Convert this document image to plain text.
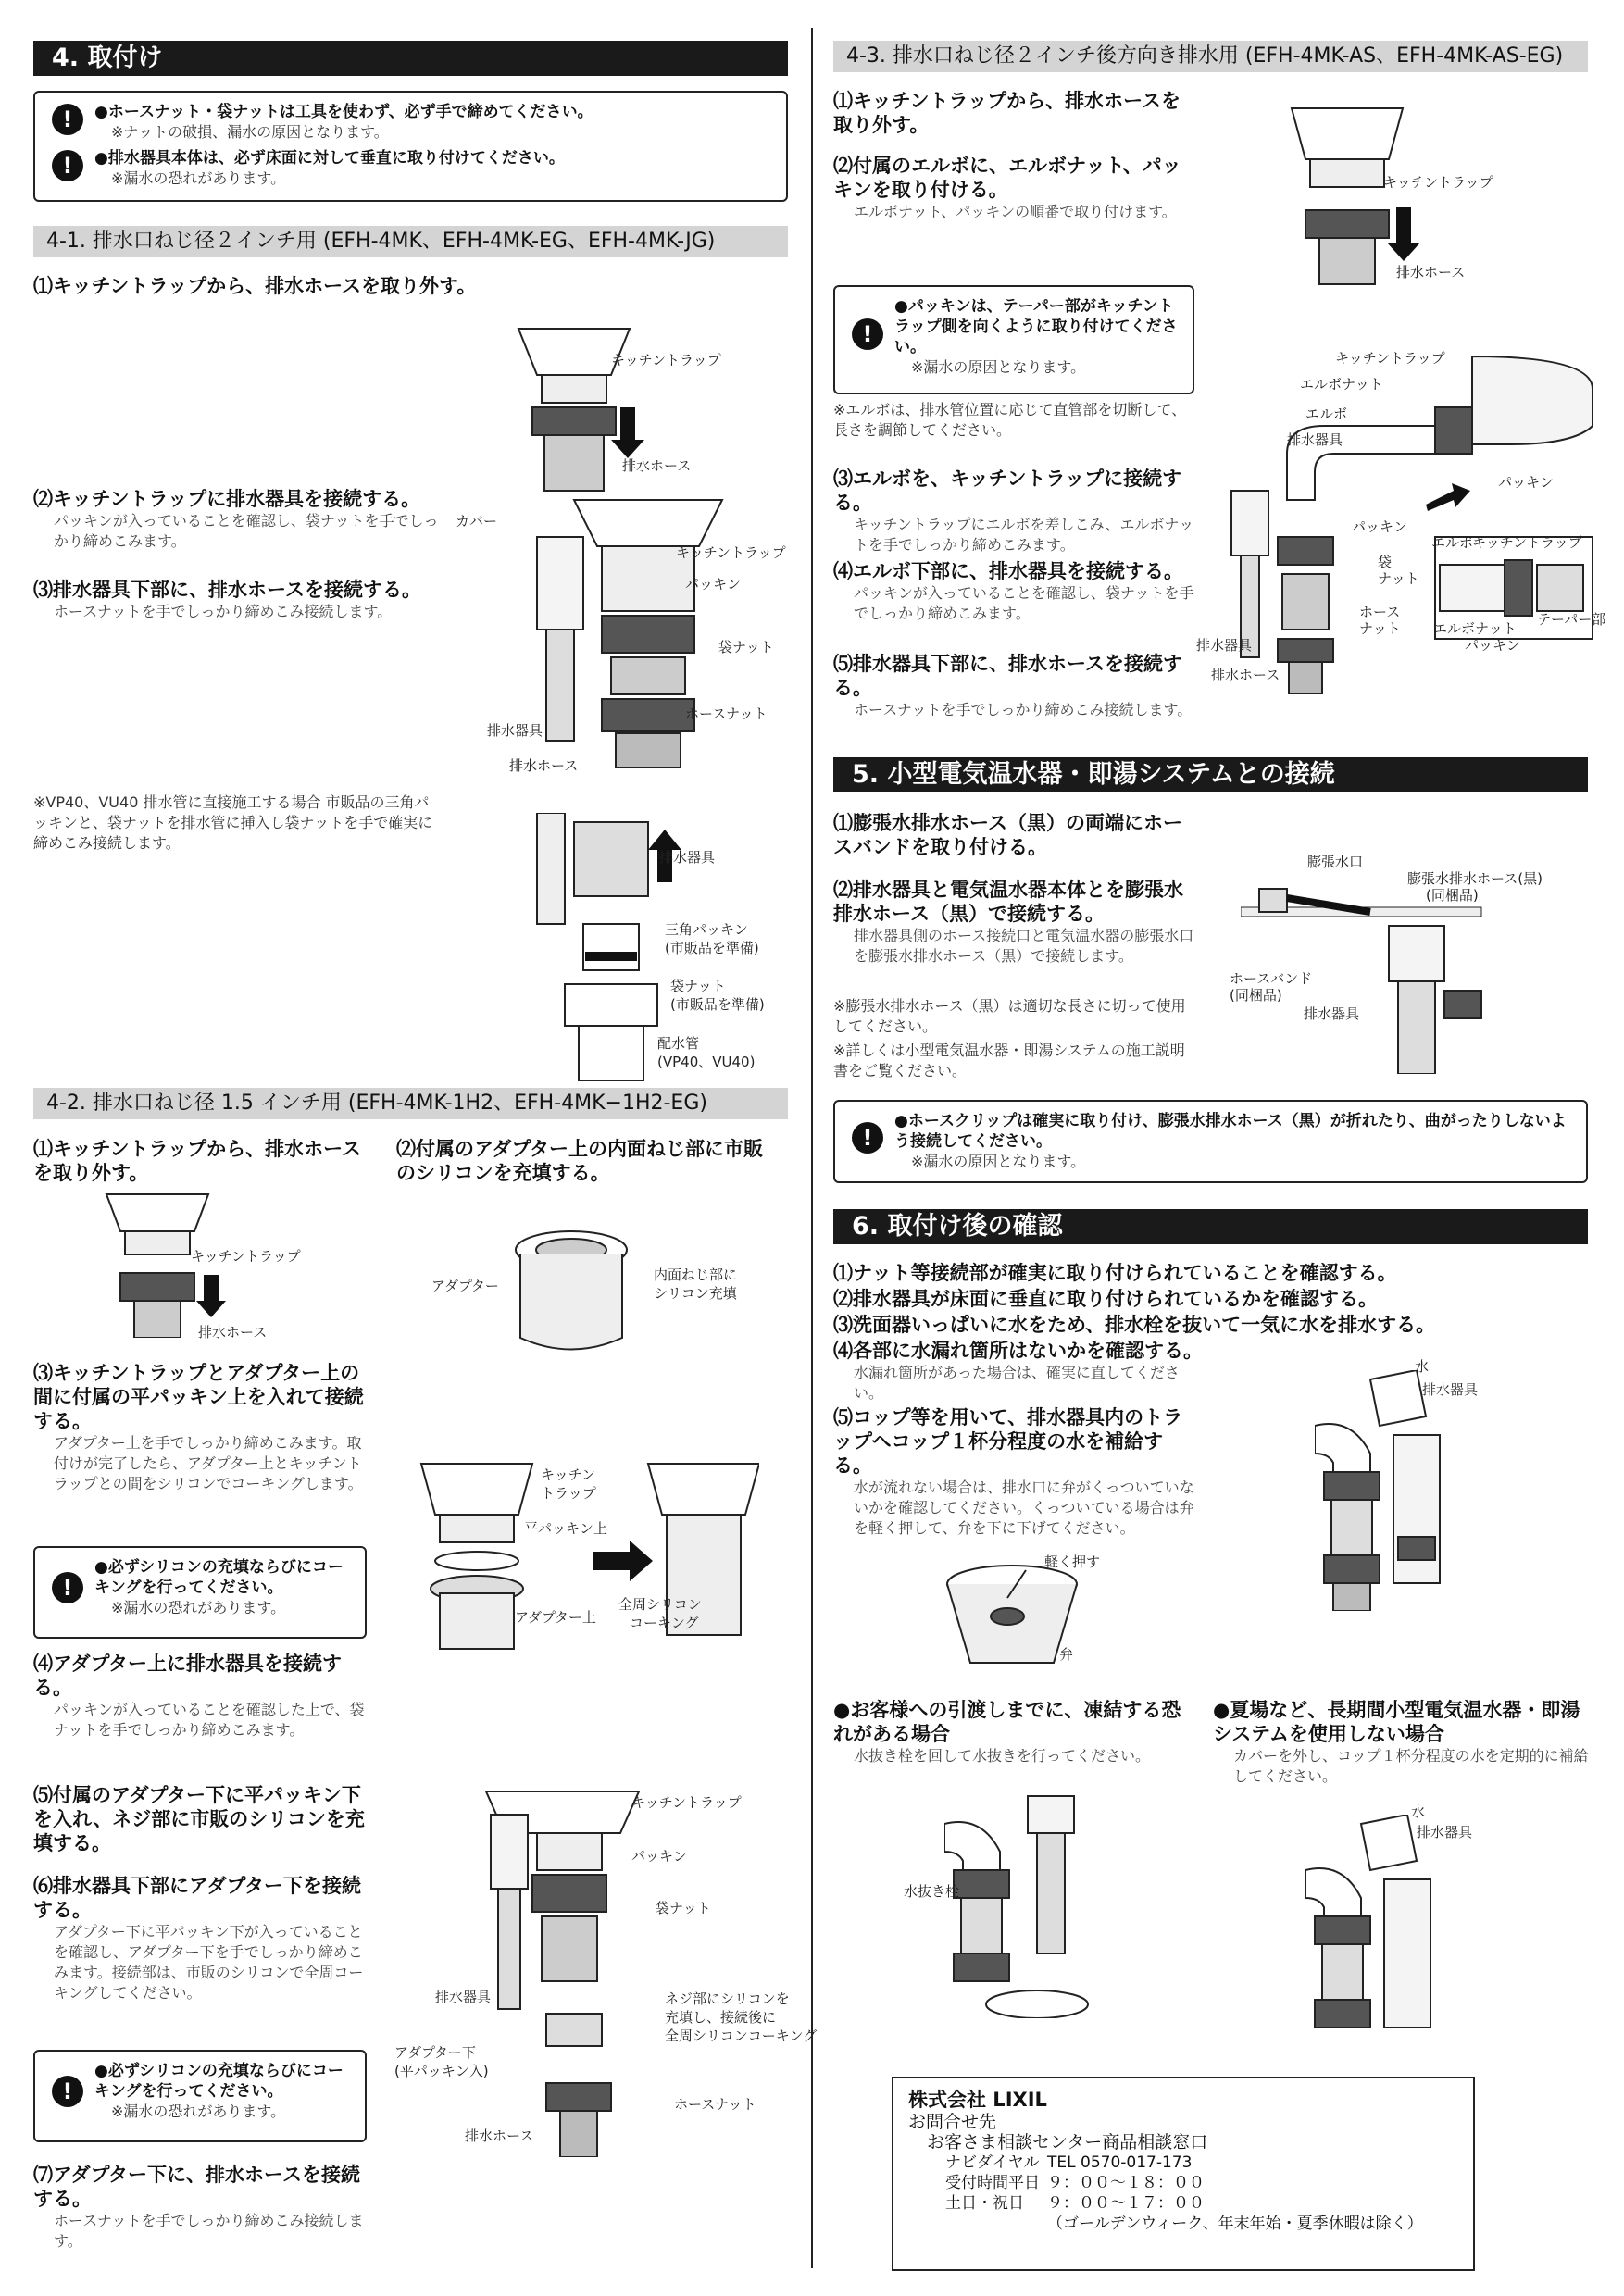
4. 取付け
!	●ホースナット・袋ナットは工具を使わず、必ず手で締めてください。
※ナットの破損、漏水の原因となります。
!	●排水器具本体は、必ず床面に対して垂直に取り付けてください。
※漏水の恐れがあります。
4-1. 排水口ねじ径２インチ用 (EFH-4MK、EFH-4MK-EG、EFH-4MK-JG)
⑴キッチントラップから、排水ホースを取り外す。
⑵キッチントラップに排水器具を接続する。
パッキンが入っていることを確認し、袋ナットを手でしっかり締めこみます。
⑶排水器具下部に、排水ホースを接続する。
ホースナットを手でしっかり締めこみ接続します。
※VP40、VU40 排水管に直接施工する場合 市販品の三角パッキンと、袋ナットを排水管に挿入し袋ナットを手で確実に締めこみ接続します。
キッチントラップ
排水ホース
カバー
キッチントラップ
パッキン
袋ナット
ホースナット
排水器具
排水ホース
排水器具
三角パッキン
(市販品を準備)
袋ナット
(市販品を準備)
配水管
(VP40、VU40)
4-2. 排水口ねじ径 1.5 インチ用 (EFH-4MK-1H2、EFH-4MK−1H2-EG)
⑴キッチントラップから、排水ホースを取り外す。
⑵付属のアダプター上の内面ねじ部に市販のシリコンを充填する。
キッチントラップ
排水ホース
アダプター
内面ねじ部に
シリコン充填
⑶キッチントラップとアダプター上の間に付属の平パッキン上を入れて接続する。
アダプター上を手でしっかり締めこみます。取付けが完了したら、アダプター上とキッチントラップとの間をシリコンでコーキングします。	キッチン
トラップ
平パッキン上
アダプター上
全周シリコン
コーキング
!
●必ずシリコンの充填ならびにコーキングを行ってください。
※漏水の恐れがあります。
⑷アダプター上に排水器具を接続する。
パッキンが入っていることを確認した上で、袋ナットを手でしっかり締めこみます。
⑸付属のアダプター下に平パッキン下を入れ、ネジ部に市販のシリコンを充填する。
⑹排水器具下部にアダプター下を接続する。
アダプター下に平パッキン下が入っていることを確認し、アダプター下を手でしっかり締めこみます。接続部は、市販のシリコンで全周コーキングしてください。
!
●必ずシリコンの充填ならびにコーキングを行ってください。
※漏水の恐れがあります。
⑺アダプター下に、排水ホースを接続する。
ホースナットを手でしっかり締めこみ接続します。
キッチントラップ
パッキン
袋ナット
排水器具	ネジ部にシリコンを
充填し、接続後に
全周シリコンコーキング
アダプター下
(平パッキン入)
ホースナット
排水ホース
4-3. 排水口ねじ径２インチ後方向き排水用 (EFH-4MK-AS、EFH-4MK-AS-EG)
⑴キッチントラップから、排水ホースを取り外す。
⑵付属のエルボに、エルボナット、パッキンを取り付ける。
エルボナット、パッキンの順番で取り付けます。
キッチントラップ
排水ホース
!
●パッキンは、テーパー部がキッチントラップ側を向くように取り付けてください。
※漏水の原因となります。
※エルボは、排水管位置に応じて直管部を切断して、長さを調節してください。
⑶エルボを、キッチントラップに接続する。
キッチントラップにエルボを差しこみ、エルボナットを手でしっかり締めこみます。
⑷エルボ下部に、排水器具を接続する。
パッキンが入っていることを確認し、袋ナットを手でしっかり締めこみます。
⑸排水器具下部に、排水ホースを接続する。
ホースナットを手でしっかり締めこみ接続します。
キッチントラップ
エルボナット
エルボ
排水器具
パッキン
パッキン
袋
ナット
ホース
ナット
排水器具
排水ホース
エルボ
キッチントラップ
エルボナット
パッキン
テーパー部
5. 小型電気温水器・即湯システムとの接続
⑴膨張水排水ホース（黒）の両端にホースバンドを取り付ける。
⑵排水器具と電気温水器本体とを膨張水排水ホース（黒）で接続する。
排水器具側のホース接続口と電気温水器の膨張水口を膨張水排水ホース（黒）で接続します。
※膨張水排水ホース（黒）は適切な長さに切って使用してください。
※詳しくは小型電気温水器・即湯システムの施工説明書をご覧ください。
膨張水口
膨張水排水ホース(黒)
(同梱品)
ホースバンド
(同梱品)
排水器具
!
●ホースクリップは確実に取り付け、膨張水排水ホース（黒）が折れたり、曲がったりしないよう接続してください。
※漏水の原因となります。
6. 取付け後の確認
⑴ナット等接続部が確実に取り付けられていることを確認する。
⑵排水器具が床面に垂直に取り付けられているかを確認する。
⑶洗面器いっぱいに水をため、排水栓を抜いて一気に水を排水する。
⑷各部に水漏れ箇所はないかを確認する。
水漏れ箇所があった場合は、確実に直してください。
⑸コップ等を用いて、排水器具内のトラップへコップ１杯分程度の水を補給する。
水が流れない場合は、排水口に弁がくっついていないかを確認してください。くっついている場合は弁を軽く押して、弁を下に下げてください。
水
排水器具
軽く押す
弁
●お客様への引渡しまでに、凍結する恐れがある場合
水抜き栓を回して水抜きを行ってください。
●夏場など、長期間小型電気温水器・即湯システムを使用しない場合
カバーを外し、コップ１杯分程度の水を定期的に補給してください。
水抜き栓
水
排水器具
株式会社 LIXIL
お問合せ先
お客さま相談センター商品相談窓口
ナビダイヤル TEL 0570-017-173
受付時間平日 ９：００～１８：００
土日・祝日 ９：００～１７：００
（ゴールデンウィーク、年末年始・夏季休暇は除く）
